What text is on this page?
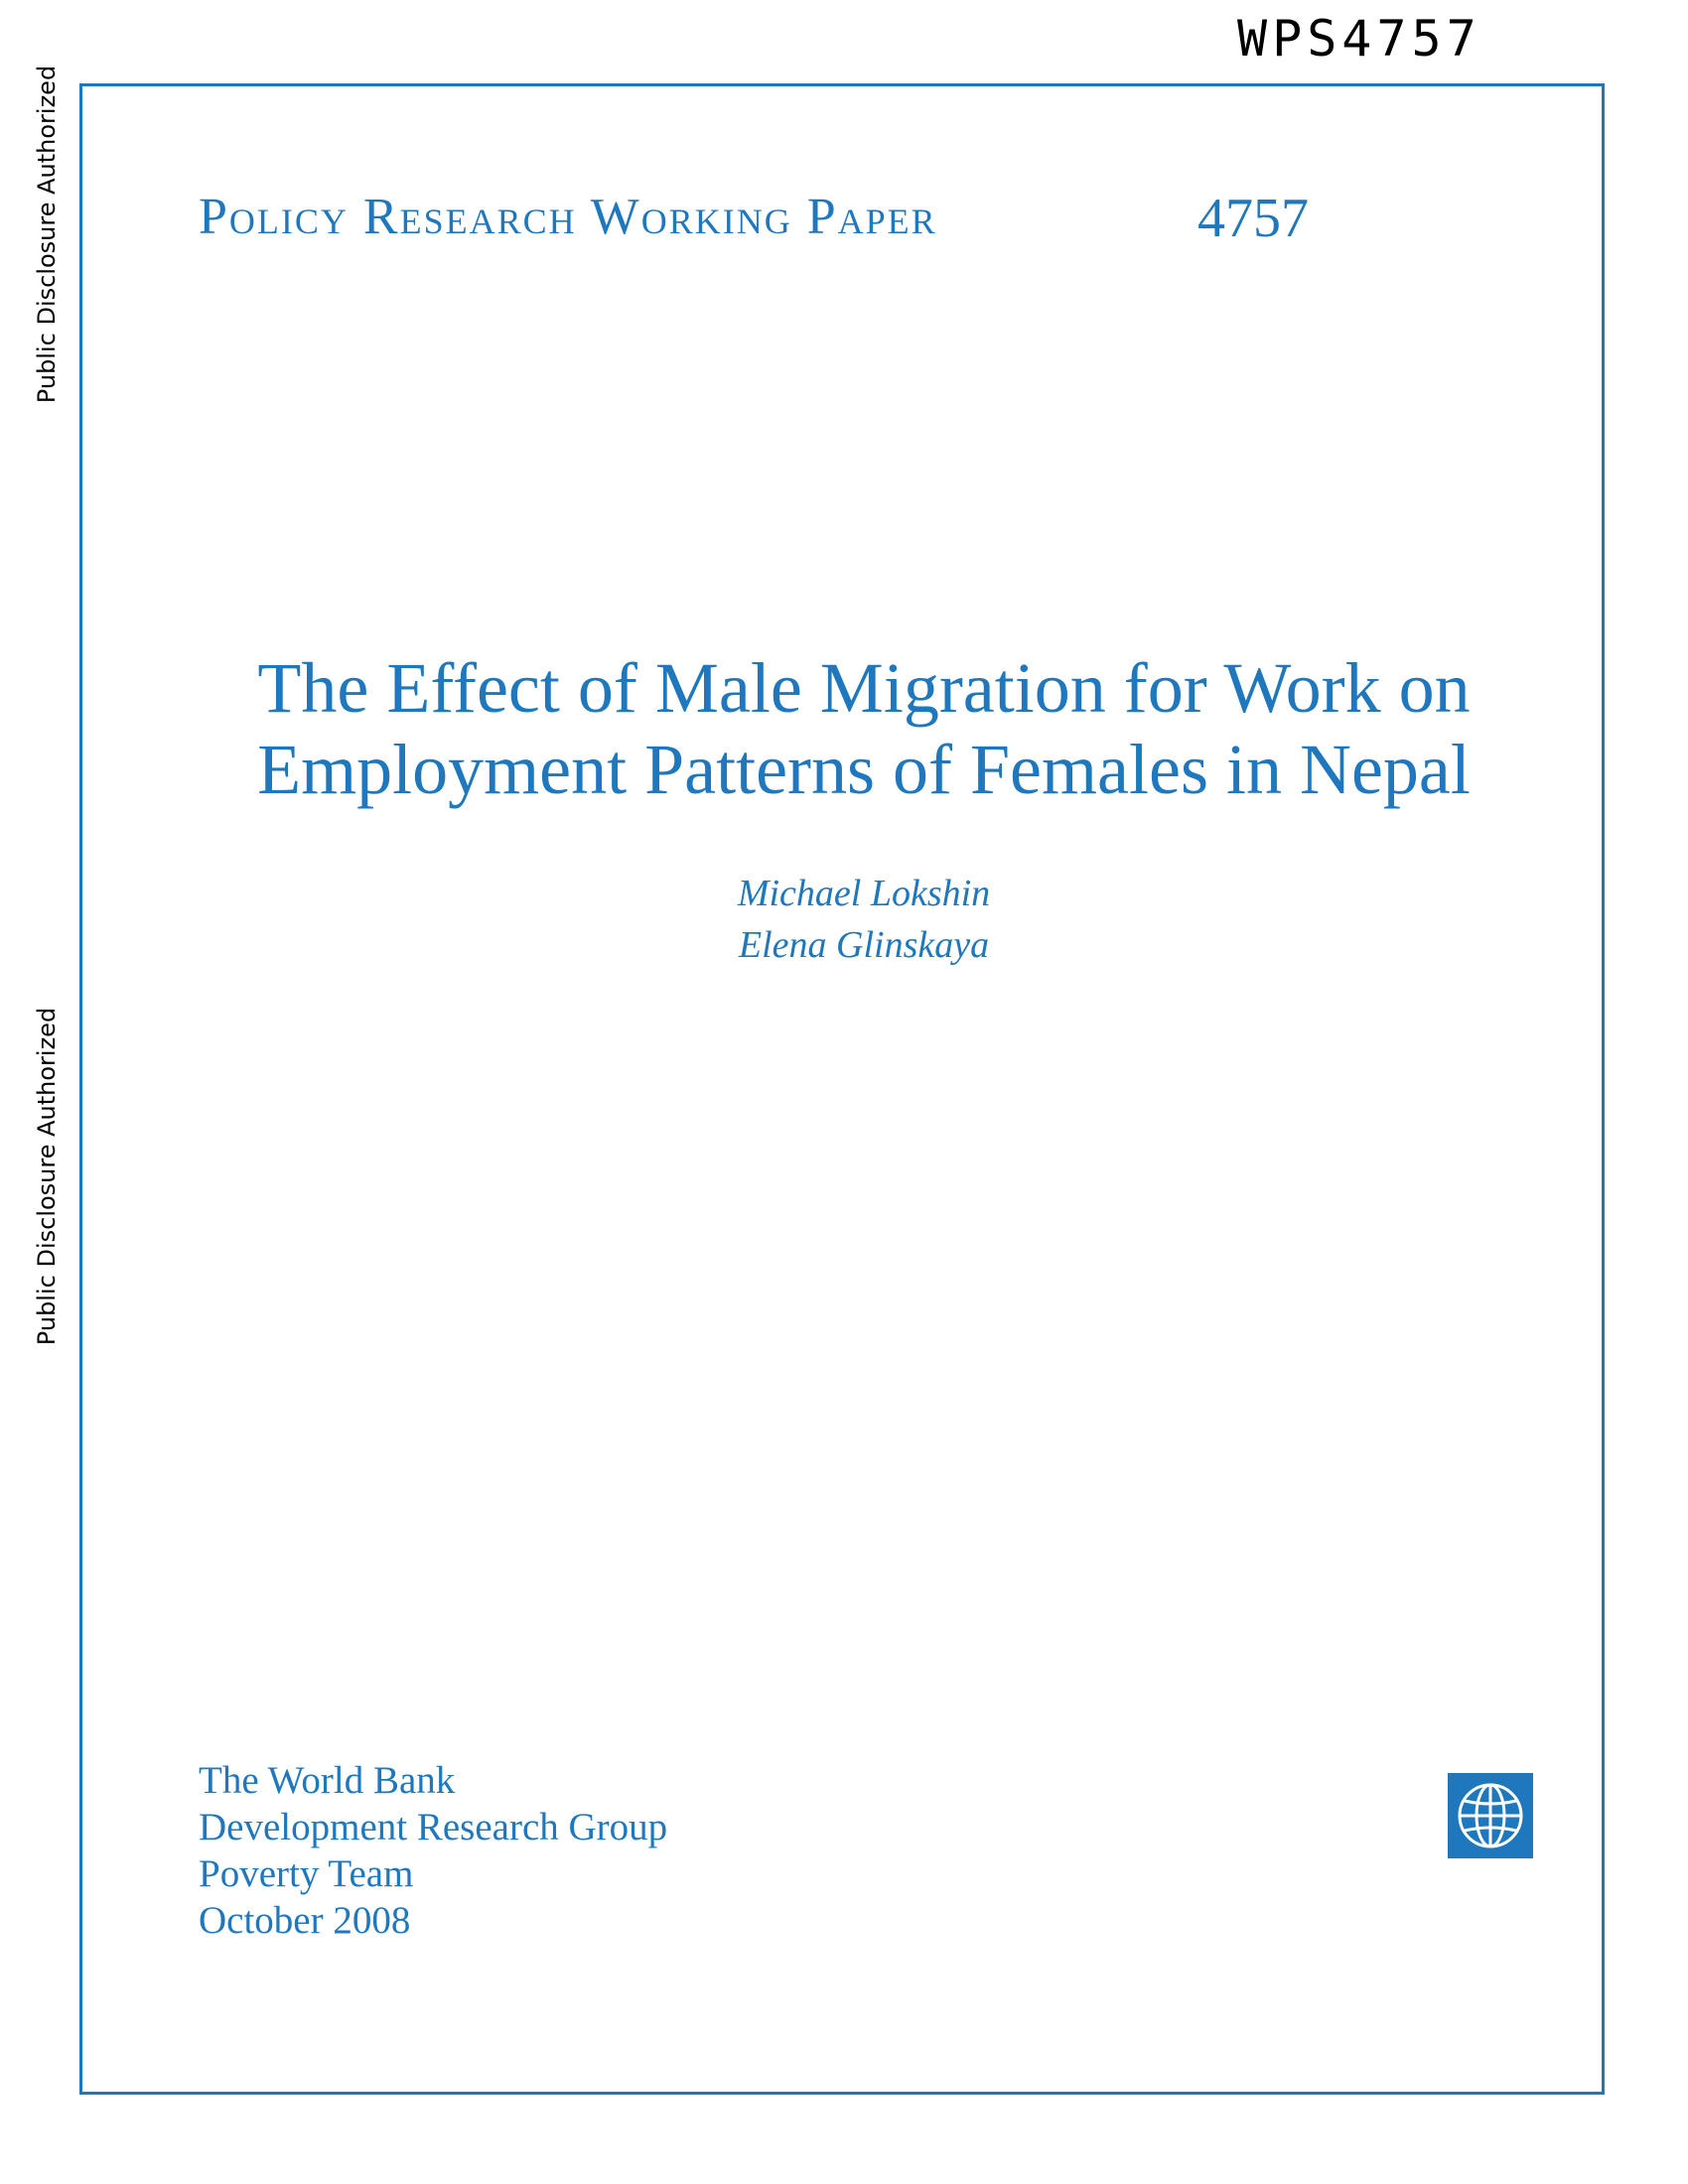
WPS4757
Public Disclosure Authorized
Public Disclosure Authorized
Policy Research Working Paper	4757
The Effect of Male Migration for Work on
Employment Patterns of Females in Nepal
Michael Lokshin
Elena Glinskaya
The World Bank
Development Research Group
Poverty Team
October 2008
